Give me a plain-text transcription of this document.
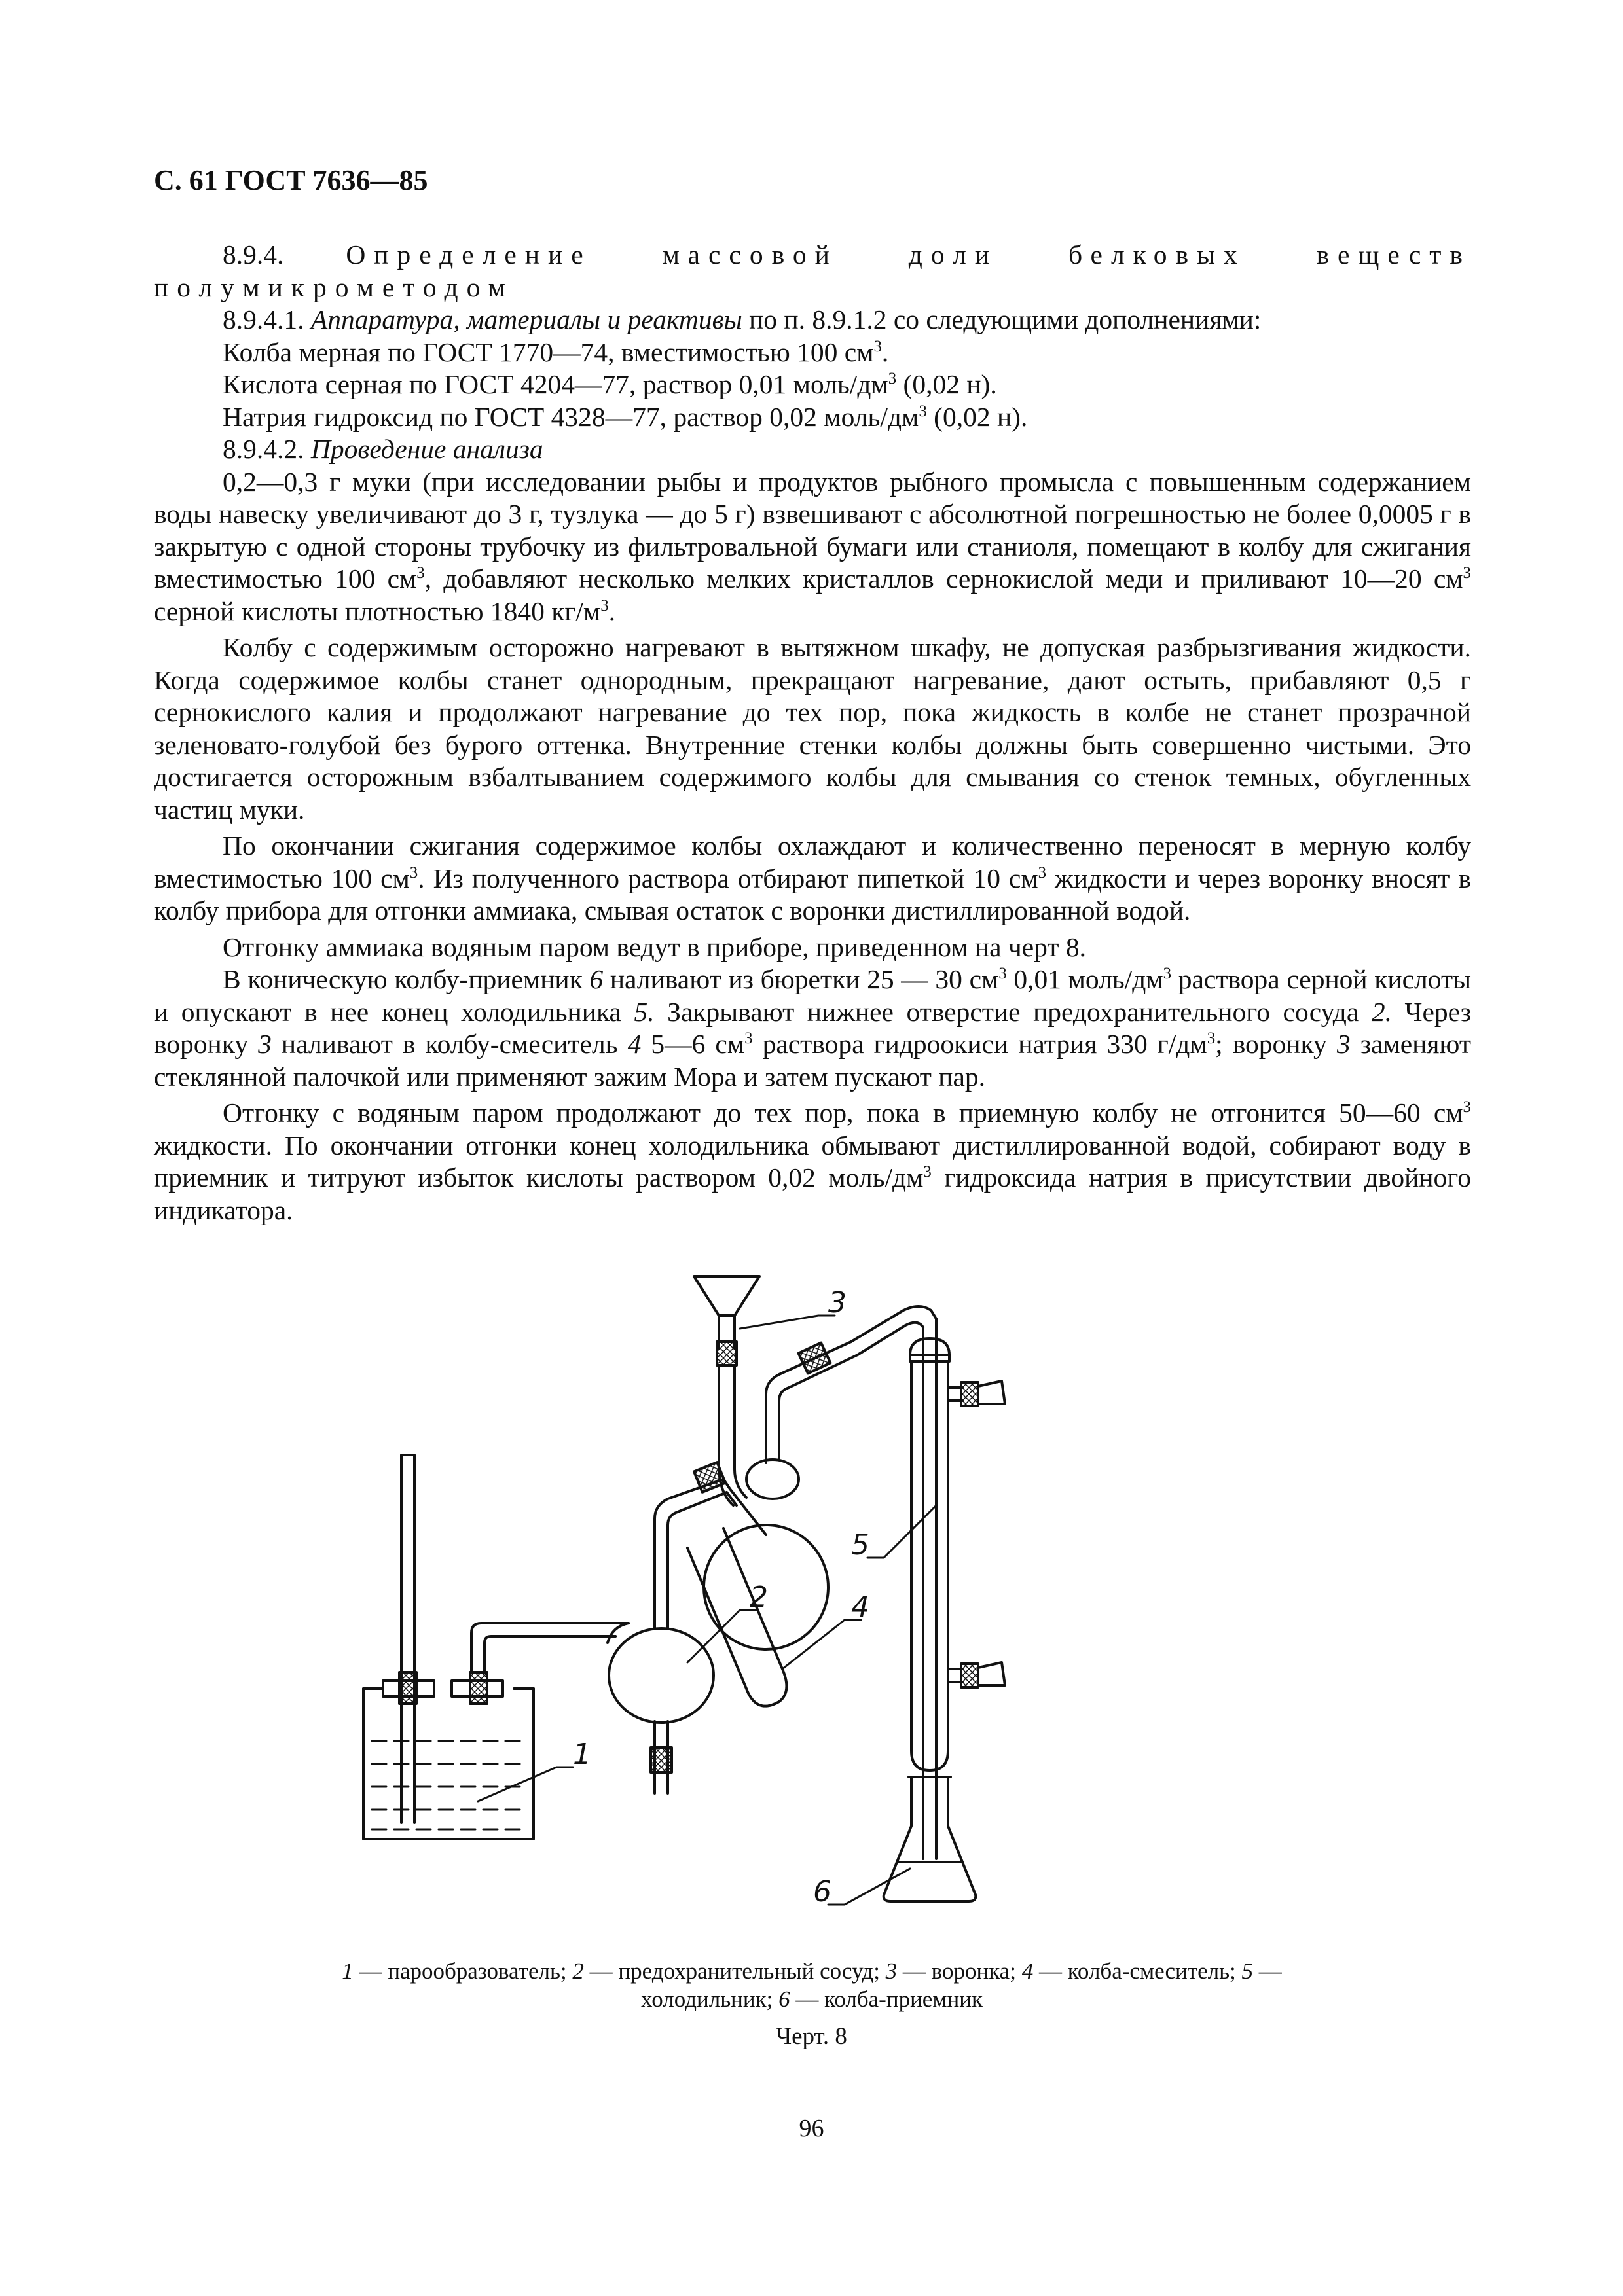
С. 61 ГОСТ 7636—85

8.9.4. Определение массовой доли белковых веществ полумикрометодом

8.9.4.1. Аппаратура, материалы и реактивы по п. 8.9.1.2 со следующими дополнениями:

Колба мерная по ГОСТ 1770—74, вместимостью 100 $см^3$.

Кислота серная по ГОСТ 4204—77, раствор 0,01 моль/$дм^3$ (0,02 н).

Натрия гидроксид по ГОСТ 4328—77, раствор 0,02 моль/$дм^3$ (0,02 н).

8.9.4.2. Проведение анализа

0,2—0,3 г муки (при исследовании рыбы и продуктов рыбного промысла с повышенным содержанием воды навеску увеличивают до 3 г, тузлука — до 5 г) взвешивают с абсолютной погрешностью не более 0,0005 г в закрытую с одной стороны трубочку из фильтровальной бумаги или станиоля, помещают в колбу для сжигания вместимостью 100 $см^3$, добавляют несколько мелких кристаллов сернокислой меди и приливают 10—20 $см^3$ серной кислоты плотностью 1840 $кг/м^3$.

Колбу с содержимым осторожно нагревают в вытяжном шкафу, не допуская разбрызгивания жидкости. Когда содержимое колбы станет однородным, прекращают нагревание, дают остыть, прибавляют 0,5 г сернокислого калия и продолжают нагревание до тех пор, пока жидкость в колбе не станет прозрачной зеленовато-голубой без бурого оттенка. Внутренние стенки колбы должны быть совершенно чистыми. Это достигается осторожным взбалтыванием содержимого колбы для смывания со стенок темных, обугленных частиц муки.

По окончании сжигания содержимое колбы охлаждают и количественно переносят в мерную колбу вместимостью 100 $см^3$. Из полученного раствора отбирают пипеткой 10 $см^3$ жидкости и через воронку вносят в колбу прибора для отгонки аммиака, смывая остаток с воронки дистиллированной водой.

Отгонку аммиака водяным паром ведут в приборе, приведенном на черт 8.

В коническую колбу-приемник 6 наливают из бюретки 25 — 30 $см^3$ 0,01 моль/$дм^3$ раствора серной кислоты и опускают в нее конец холодильника 5. Закрывают нижнее отверстие предохранительного сосуда 2. Через воронку 3 наливают в колбу-смеситель 4 5—6 $см^3$ раствора гидроокиси натрия 330 $г/дм^3$; воронку 3 заменяют стеклянной палочкой или применяют зажим Мора и затем пускают пар.

Отгонку с водяным паром продолжают до тех пор, пока в приемную колбу не отгонится 50—60 $см^3$ жидкости. По окончании отгонки конец холодильника обмывают дистиллированной водой, собирают воду в приемник и титруют избыток кислоты раствором 0,02 моль/$дм^3$ гидроксида натрия в присутствии двойного индикатора.

1
2
3
4
5
6
1 — парообразователь; 2 — предохранительный сосуд; 3 — воронка; 4 — колба-смеситель; 5 — холодильник; 6 — колба-приемник
Черт. 8
96
